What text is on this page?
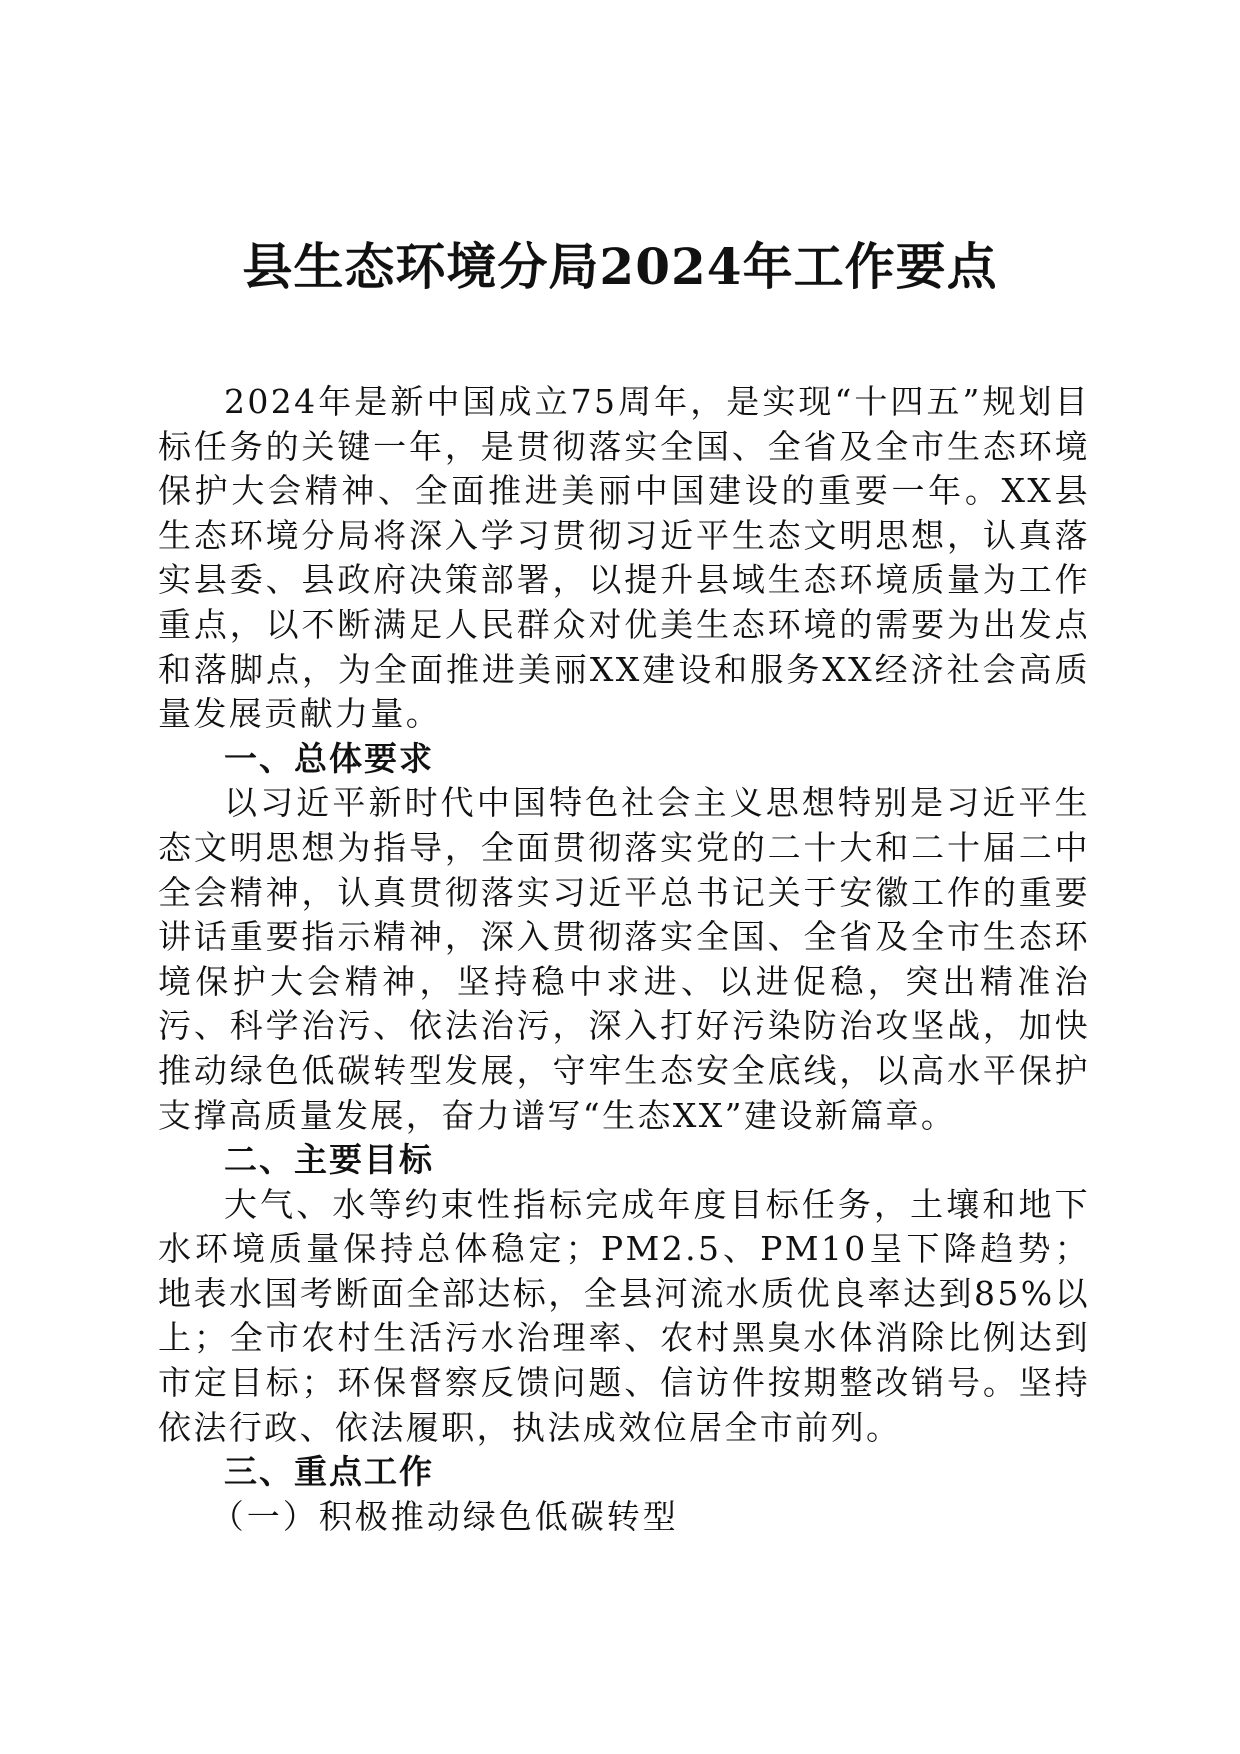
县生态环境分局2024年工作要点

2024年是新中国成立75周年，是实现“十四五”规划目标任务的关键一年，是贯彻落实全国、全省及全市生态环境保护大会精神、全面推进美丽中国建设的重要一年。XX县生态环境分局将深入学习贯彻习近平生态文明思想，认真落实县委、县政府决策部署，以提升县域生态环境质量为工作重点，以不断满足人民群众对优美生态环境的需要为出发点和落脚点，为全面推进美丽XX建设和服务XX经济社会高质量发展贡献力量。

一、总体要求

以习近平新时代中国特色社会主义思想特别是习近平生态文明思想为指导，全面贯彻落实党的二十大和二十届二中全会精神，认真贯彻落实习近平总书记关于安徽工作的重要讲话重要指示精神，深入贯彻落实全国、全省及全市生态环境保护大会精神，坚持稳中求进、以进促稳，突出精准治污、科学治污、依法治污，深入打好污染防治攻坚战，加快推动绿色低碳转型发展，守牢生态安全底线，以高水平保护支撑高质量发展，奋力谱写“生态XX”建设新篇章。

二、主要目标

大气、水等约束性指标完成年度目标任务，土壤和地下水环境质量保持总体稳定；PM2.5、PM10呈下降趋势；地表水国考断面全部达标，全县河流水质优良率达到85%以上；全市农村生活污水治理率、农村黑臭水体消除比例达到市定目标；环保督察反馈问题、信访件按期整改销号。坚持依法行政、依法履职，执法成效位居全市前列。

三、重点工作

（一）积极推动绿色低碳转型
